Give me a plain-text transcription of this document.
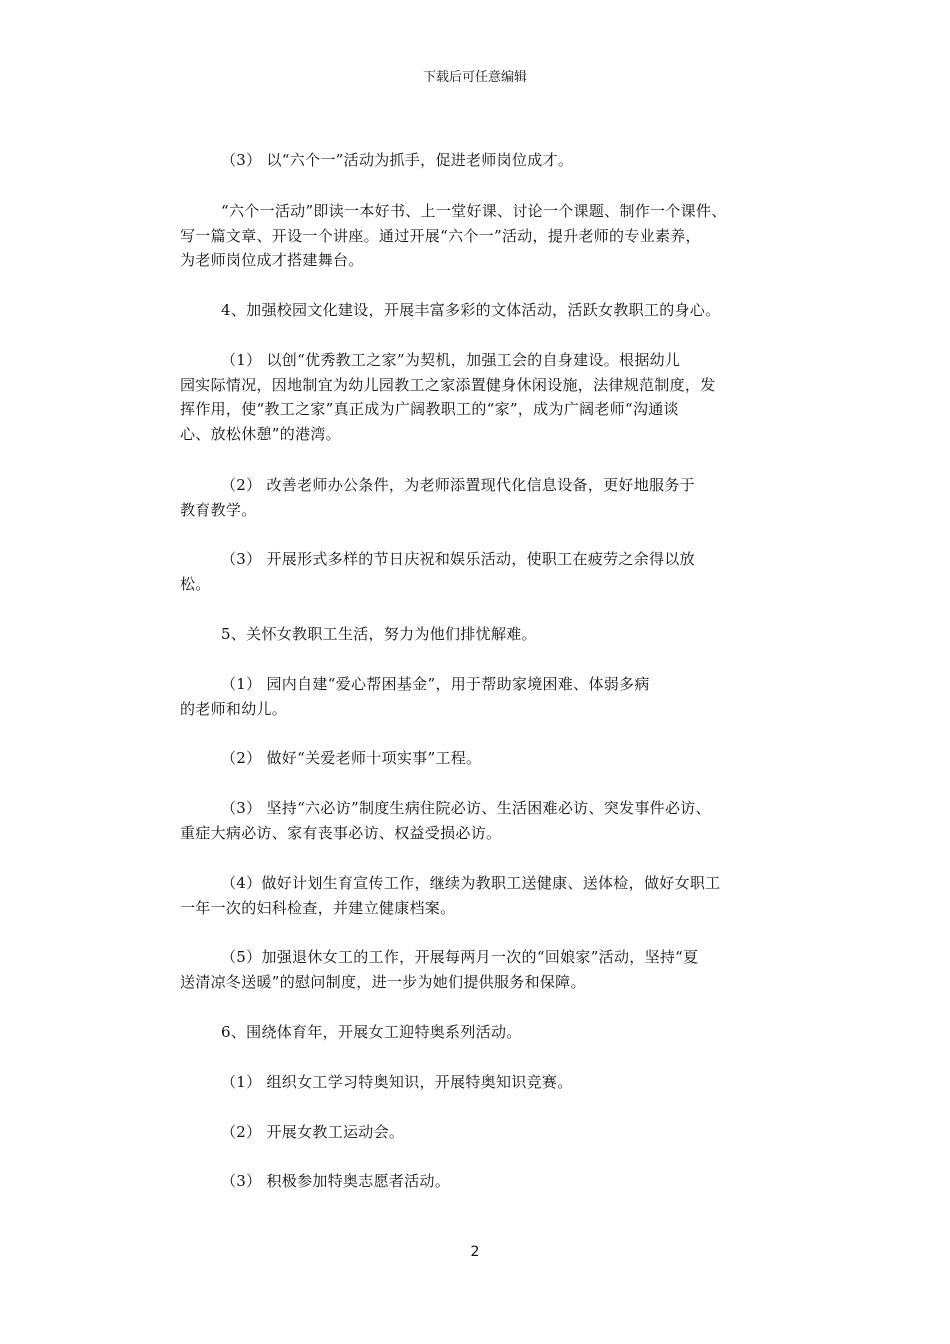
下载后可任意编辑
（3） 以“六个一”活动为抓手，促进老师岗位成才。
“六个一活动”即读一本好书、上一堂好课、讨论一个课题、制作一个课件、
写一篇文章、开设一个讲座。通过开展“六个一”活动，提升老师的专业素养，
为老师岗位成才搭建舞台。
4、加强校园文化建设，开展丰富多彩的文体活动，活跃女教职工的身心。
（1） 以创“优秀教工之家”为契机，加强工会的自身建设。根据幼儿
园实际情况，因地制宜为幼儿园教工之家添置健身休闲设施，法律规范制度，发
挥作用，使“教工之家”真正成为广阔教职工的“家”，成为广阔老师“沟通谈
心、放松休憩”的港湾。
（2） 改善老师办公条件，为老师添置现代化信息设备，更好地服务于
教育教学。
（3） 开展形式多样的节日庆祝和娱乐活动，使职工在疲劳之余得以放
松。
5、关怀女教职工生活，努力为他们排忧解难。
（1） 园内自建“爱心帮困基金”，用于帮助家境困难、体弱多病
的老师和幼儿。
（2） 做好“关爱老师十项实事”工程。
（3） 坚持“六必访”制度生病住院必访、生活困难必访、突发事件必访、
重症大病必访、家有丧事必访、权益受损必访。
（4）做好计划生育宣传工作，继续为教职工送健康、送体检，做好女职工
一年一次的妇科检查，并建立健康档案。
（5）加强退休女工的工作，开展每两月一次的“回娘家”活动，坚持“夏
送清凉冬送暖”的慰问制度，进一步为她们提供服务和保障。
6、围绕体育年，开展女工迎特奥系列活动。
（1） 组织女工学习特奥知识，开展特奥知识竞赛。
（2） 开展女教工运动会。
（3） 积极参加特奥志愿者活动。
2
